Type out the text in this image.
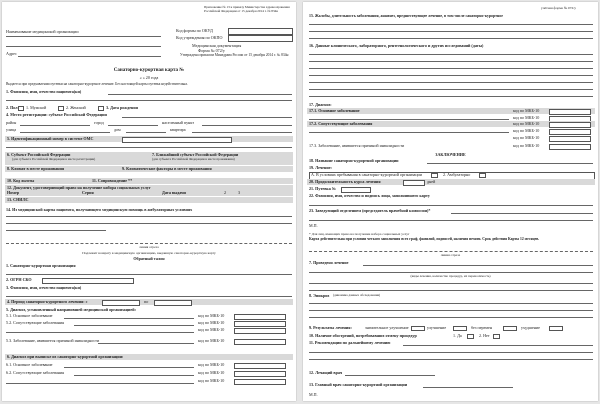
Приложение № 13 к приказу Министерства здравоохранения Российской Федерации от 15 декабря 2014 г. № 834н
Наименование медицинской организации	Код формы по ОКУД
Код учреждения по ОКПО
Адрес
Медицинская документация
Форма № 072/у
Утверждена приказом Минздрава России от 15 декабря 2014 г. № 834н
Санаторно-курортная карта №
« » 20 года
Выдается при предъявлении путевки на санаторно-курортное лечение. Без настоящей карты путевка недействительна.
1. Фамилия, имя, отчество пациента(ки)
2. Пол 1. Мужской	2. Женский	3. Дата рождения
4. Место регистрации: субъект Российской Федерации
район	город	населенный пункт
улица	дом	квартира
5. Идентификационный номер в системе ОМС
6. Субъект Российской Федерации
(для субъекта Российской Федерации в месте регистрации)
7. Ближайший субъект Российской Федерации
(для субъекта Российской Федерации в месте проживания)
8. Климат в месте проживания	9. Климатические факторы в месте проживания
10. Код льготы	11. Сопровождение **
12. Документ, удостоверяющий право на получение набора социальных услуг
Номер	Серия	Дата выдачи	2	3
13. СНИЛС
14. Из медицинской карты пациента, получающего медицинскую помощь в амбулаторных условиях
линия отреза
Подлежит возврату в медицинскую организацию, выдавшую санаторно-курортную карту
Обратный талон
1. Санаторно-курортная организация
2. ОГРН СКО
3. Фамилия, имя, отчество пациента(ки)
4. Период санаторно-курортного лечения: с	по
5. Диагноз, установленный направившей медицинской организацией:
5.1. Основное заболевание	код по МКБ-10
5.2. Сопутствующие заболевания	код по МКБ-10
код по МКБ-10
5.3. Заболевание, явившееся причиной инвалидности	код по МКБ-10
6. Диагноз при выписке из санаторно-курортной организации:
6.1. Основное заболевание	код по МКБ-10
6.2. Сопутствующие заболевания	код по МКБ-10
код по МКБ-10
учётная форма № 072/у
15. Жалобы, длительность заболевания, анамнез, предшествующее лечение, в том числе санаторно-курортное
16. Данные клинического, лабораторного, рентгенологического и других исследований (даты)
17. Диагноз:
17.1. Основное заболевание	код по МКБ-10
код по МКБ-10
17.2. Сопутствующие заболевания	код по МКБ-10
код по МКБ-10
код по МКБ-10
17.3. Заболевание, явившееся причиной инвалидности	код по МКБ-10
ЗАКЛЮЧЕНИЕ
18. Название санаторно-курортной организации
19. Лечение:
А. В условиях пребывания в санаторно-курортной организации	2. Амбулаторно
20. Продолжительность курса лечения	дней
21. Путевка №
22. Фамилия, имя, отчество и подпись лица, заполнившего карту
23. Заведующий отделением (председатель врачебной комиссии)*
М.П.
* Для лиц, имеющих право на получение набора социальных услуг
Карта действительна при условии четкого заполнения всех граф, фамилий, подписей, наличия печати. Срок действия Карты 12 месяцев.
линия отреза
7. Проведено лечение
(виды лечения, количество процедур, их переносимость)
8. Эпикриз (динамика данных обследования)
9. Результаты лечения:	значительное улучшение	улучшение	без перемен	ухудшение
10. Наличие обострений, потребовавших отмену процедур	1. Да	2. Нет
11. Рекомендации по дальнейшему лечению
12. Лечащий врач
13. Главный врач санаторно-курортной организации
М.П.
